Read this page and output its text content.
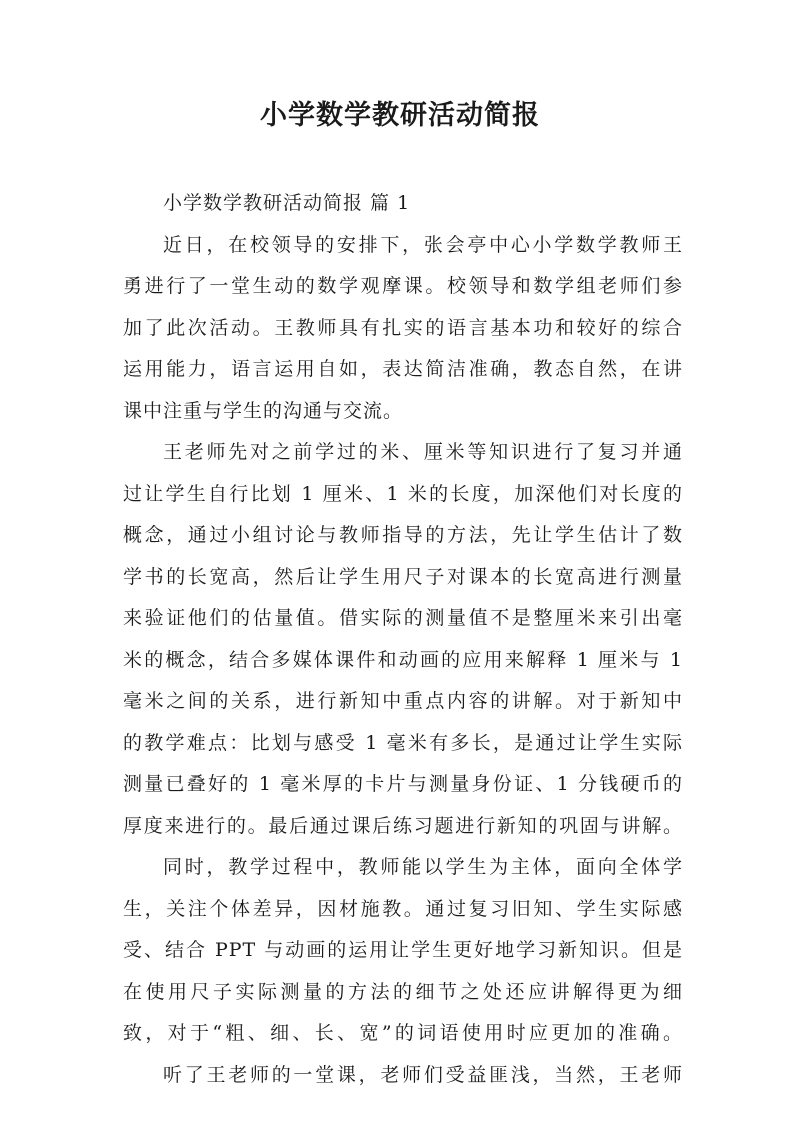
小学数学教研活动简报
小学数学教研活动简报 篇 1
近日，在校领导的安排下，张会亭中心小学数学教师王
勇进行了一堂生动的数学观摩课。校领导和数学组老师们参
加了此次活动。王教师具有扎实的语言基本功和较好的综合
运用能力，语言运用自如，表达简洁准确，教态自然，在讲
课中注重与学生的沟通与交流。
王老师先对之前学过的米、厘米等知识进行了复习并通
过让学生自行比划 1 厘米、1 米的长度，加深他们对长度的
概念，通过小组讨论与教师指导的方法，先让学生估计了数
学书的长宽高，然后让学生用尺子对课本的长宽高进行测量
来验证他们的估量值。借实际的测量值不是整厘米来引出毫
米的概念，结合多媒体课件和动画的应用来解释 1 厘米与 1
毫米之间的关系，进行新知中重点内容的讲解。对于新知中
的教学难点：比划与感受 1 毫米有多长，是通过让学生实际
测量已叠好的 1 毫米厚的卡片与测量身份证、1 分钱硬币的
厚度来进行的。最后通过课后练习题进行新知的巩固与讲解。
同时，教学过程中，教师能以学生为主体，面向全体学
生，关注个体差异，因材施教。通过复习旧知、学生实际感
受、结合 PPT 与动画的运用让学生更好地学习新知识。但是
在使用尺子实际测量的方法的细节之处还应讲解得更为细
致，对于“粗、细、长、宽”的词语使用时应更加的准确。
听了王老师的一堂课，老师们受益匪浅，当然，王老师
